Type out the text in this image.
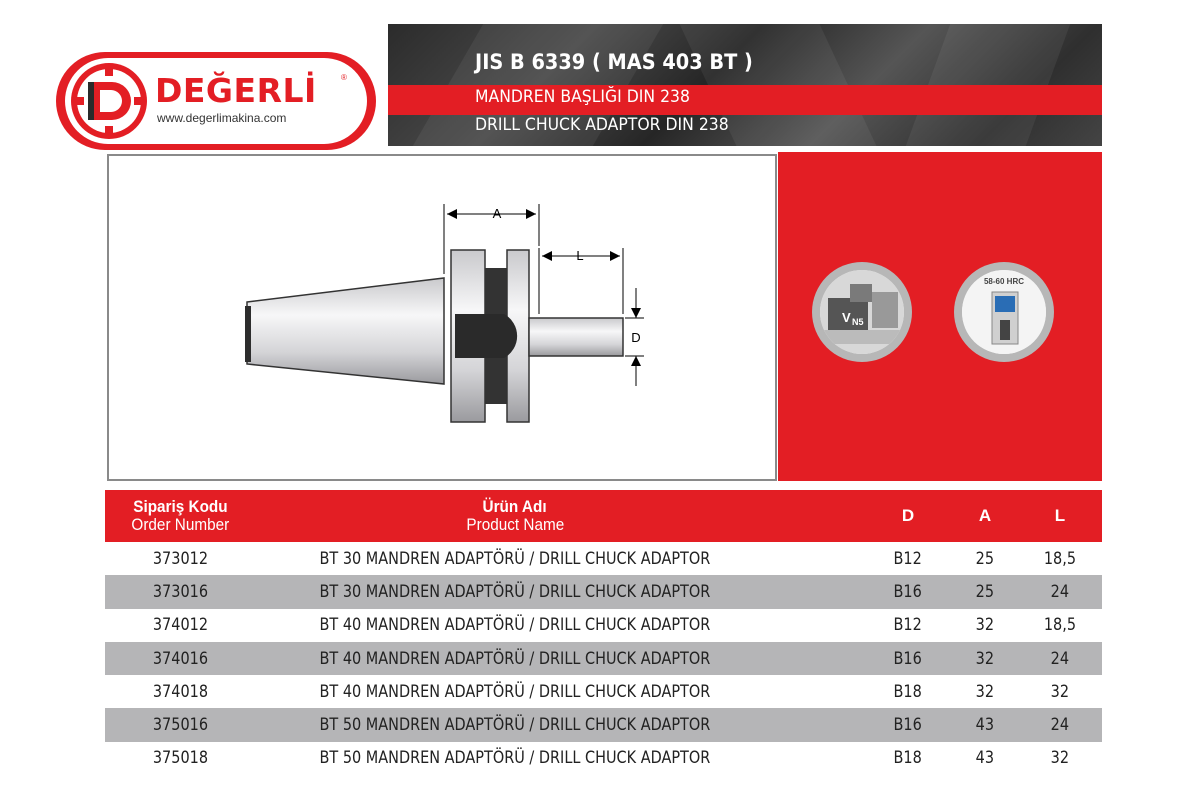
DEĞERLİ	®
www.degerlimakina.com
JIS B 6339 ( MAS 403 BT )
MANDREN BAŞLIĞI DIN 238
DRILL CHUCK ADAPTOR DIN 238
A
L
D
V N5
58-60 HRC
Sipariş Kodu
Order Number
Ürün Adı
Product Name	D	A	L
373012	BT 30 MANDREN ADAPTÖRÜ / DRILL CHUCK ADAPTOR	B12	25	18,5
373016	BT 30 MANDREN ADAPTÖRÜ / DRILL CHUCK ADAPTOR	B16	25	24
374012	BT 40 MANDREN ADAPTÖRÜ / DRILL CHUCK ADAPTOR	B12	32	18,5
374016	BT 40 MANDREN ADAPTÖRÜ / DRILL CHUCK ADAPTOR	B16	32	24
374018	BT 40 MANDREN ADAPTÖRÜ / DRILL CHUCK ADAPTOR	B18	32	32
375016	BT 50 MANDREN ADAPTÖRÜ / DRILL CHUCK ADAPTOR	B16	43	24
375018	BT 50 MANDREN ADAPTÖRÜ / DRILL CHUCK ADAPTOR	B18	43	32
